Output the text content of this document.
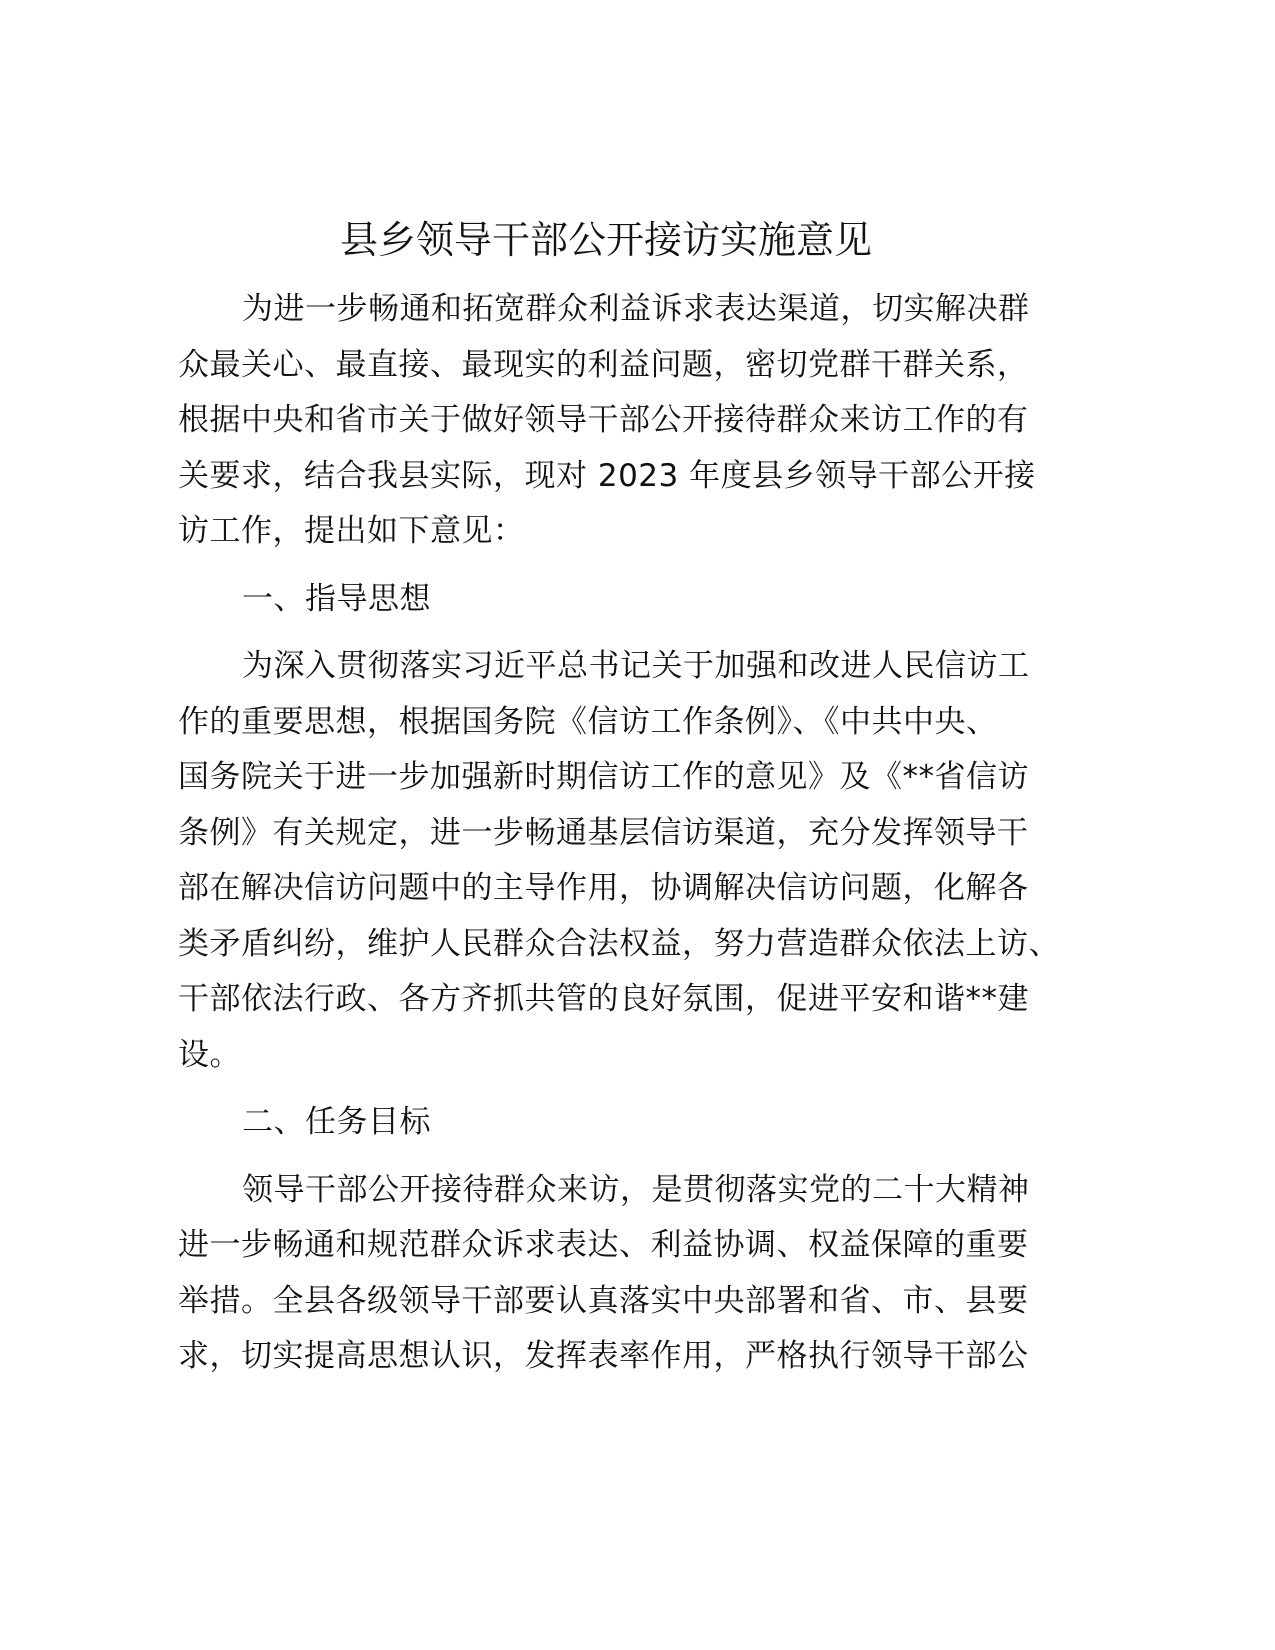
县乡领导干部公开接访实施意见
为进一步畅通和拓宽群众利益诉求表达渠道，切实解决群
众最关心、最直接、最现实的利益问题，密切党群干群关系，
根据中央和省市关于做好领导干部公开接待群众来访工作的有
关要求，结合我县实际，现对 2023 年度县乡领导干部公开接
访工作，提出如下意见：
一、指导思想
为深入贯彻落实习近平总书记关于加强和改进人民信访工
作的重要思想，根据国务院《信访工作条例》、《中共中央、
国务院关于进一步加强新时期信访工作的意见》及《**省信访
条例》有关规定，进一步畅通基层信访渠道，充分发挥领导干
部在解决信访问题中的主导作用，协调解决信访问题，化解各
类矛盾纠纷，维护人民群众合法权益，努力营造群众依法上访、
干部依法行政、各方齐抓共管的良好氛围，促进平安和谐**建
设。
二、任务目标
领导干部公开接待群众来访，是贯彻落实党的二十大精神
进一步畅通和规范群众诉求表达、利益协调、权益保障的重要
举措。全县各级领导干部要认真落实中央部署和省、市、县要
求，切实提高思想认识，发挥表率作用，严格执行领导干部公
